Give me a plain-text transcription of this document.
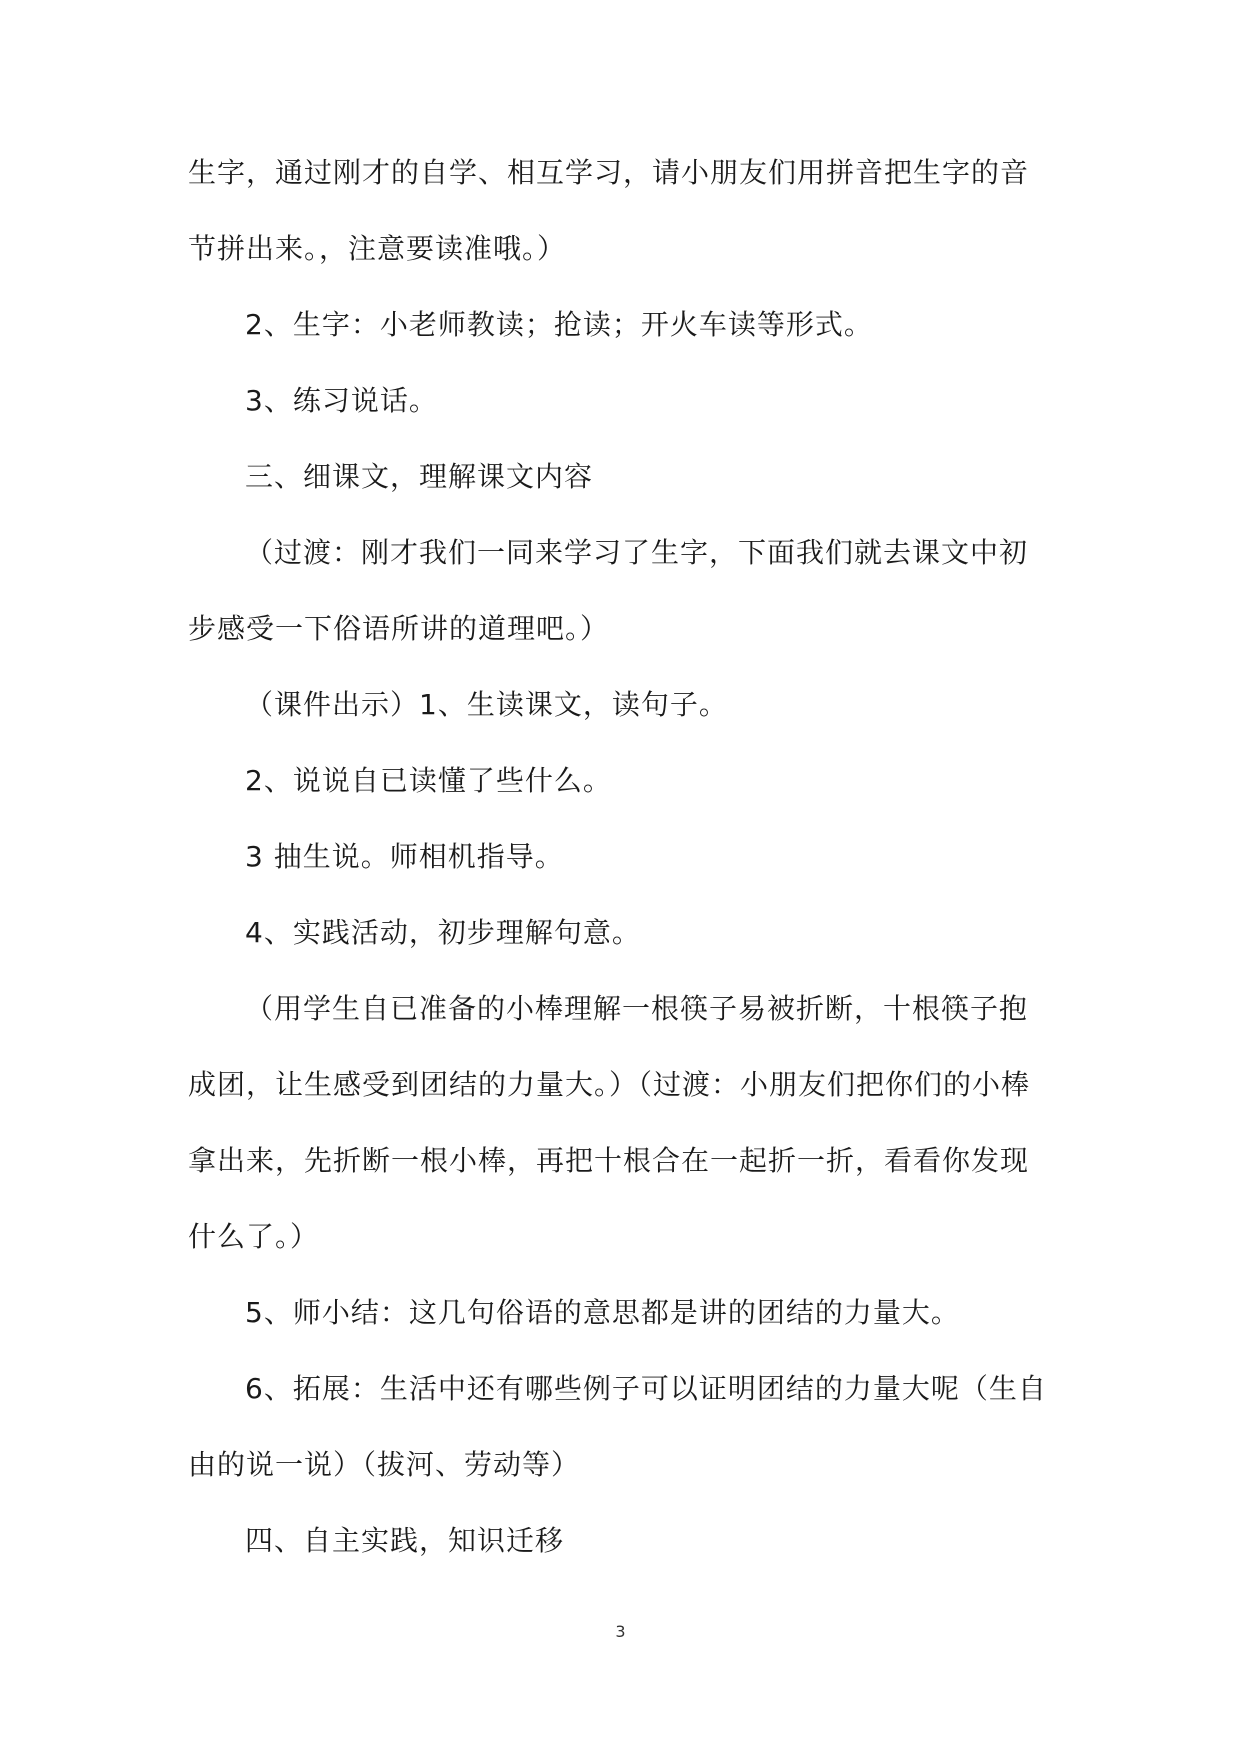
生字，通过刚才的自学、相互学习，请小朋友们用拼音把生字的音节拼出来。，注意要读准哦。）

2、生字：小老师教读；抢读；开火车读等形式。

3、练习说话。

三、细课文，理解课文内容

（过渡：刚才我们一同来学习了生字，下面我们就去课文中初步感受一下俗语所讲的道理吧。）

（课件出示）1、生读课文，读句子。

2、说说自已读懂了些什么。

3 抽生说。师相机指导。

4、实践活动，初步理解句意。

（用学生自已准备的小棒理解一根筷子易被折断，十根筷子抱成团，让生感受到团结的力量大。）（过渡：小朋友们把你们的小棒拿出来，先折断一根小棒，再把十根合在一起折一折，看看你发现什么了。）

5、师小结：这几句俗语的意思都是讲的团结的力量大。

6、拓展：生活中还有哪些例子可以证明团结的力量大呢（生自由的说一说）（拔河、劳动等）

四、自主实践，知识迁移

3
